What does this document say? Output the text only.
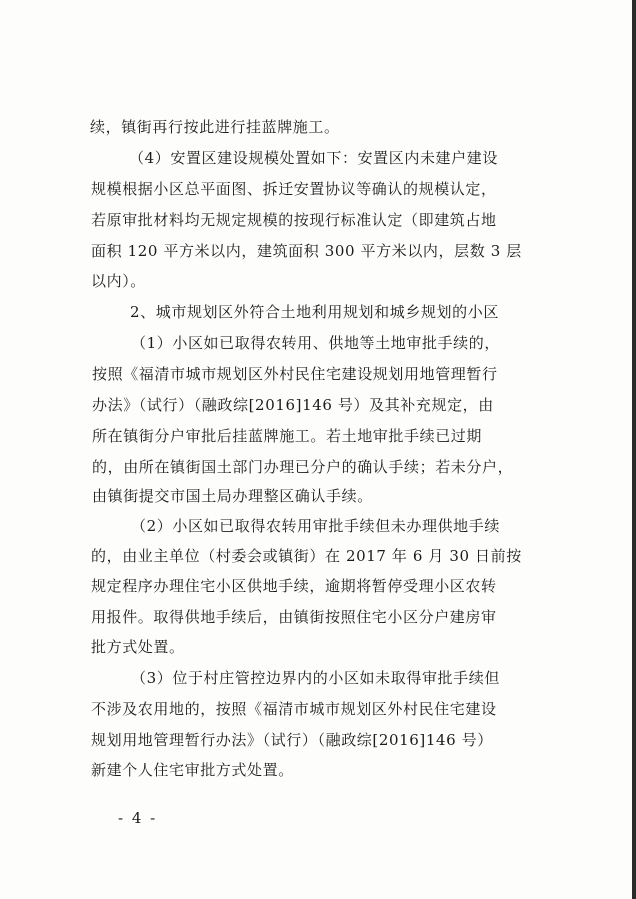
续，镇街再行按此进行挂蓝牌施工。
（4）安置区建设规模处置如下：安置区内未建户建设
规模根据小区总平面图、拆迁安置协议等确认的规模认定，
若原审批材料均无规定规模的按现行标准认定（即建筑占地
面积 120 平方米以内，建筑面积 300 平方米以内，层数 3 层
以内）。
2、城市规划区外符合土地利用规划和城乡规划的小区
（1）小区如已取得农转用、供地等土地审批手续的，
按照《福清市城市规划区外村民住宅建设规划用地管理暂行
办法》（试行）（融政综[2016]146 号）及其补充规定，由
所在镇街分户审批后挂蓝牌施工。若土地审批手续已过期
的，由所在镇街国土部门办理已分户的确认手续；若未分户，
由镇街提交市国土局办理整区确认手续。
（2）小区如已取得农转用审批手续但未办理供地手续
的，由业主单位（村委会或镇街）在 2017 年 6 月 30 日前按
规定程序办理住宅小区供地手续，逾期将暂停受理小区农转
用报件。取得供地手续后，由镇街按照住宅小区分户建房审
批方式处置。
（3）位于村庄管控边界内的小区如未取得审批手续但
不涉及农用地的，按照《福清市城市规划区外村民住宅建设
规划用地管理暂行办法》（试行）（融政综[2016]146 号）
新建个人住宅审批方式处置。
- 4 -
